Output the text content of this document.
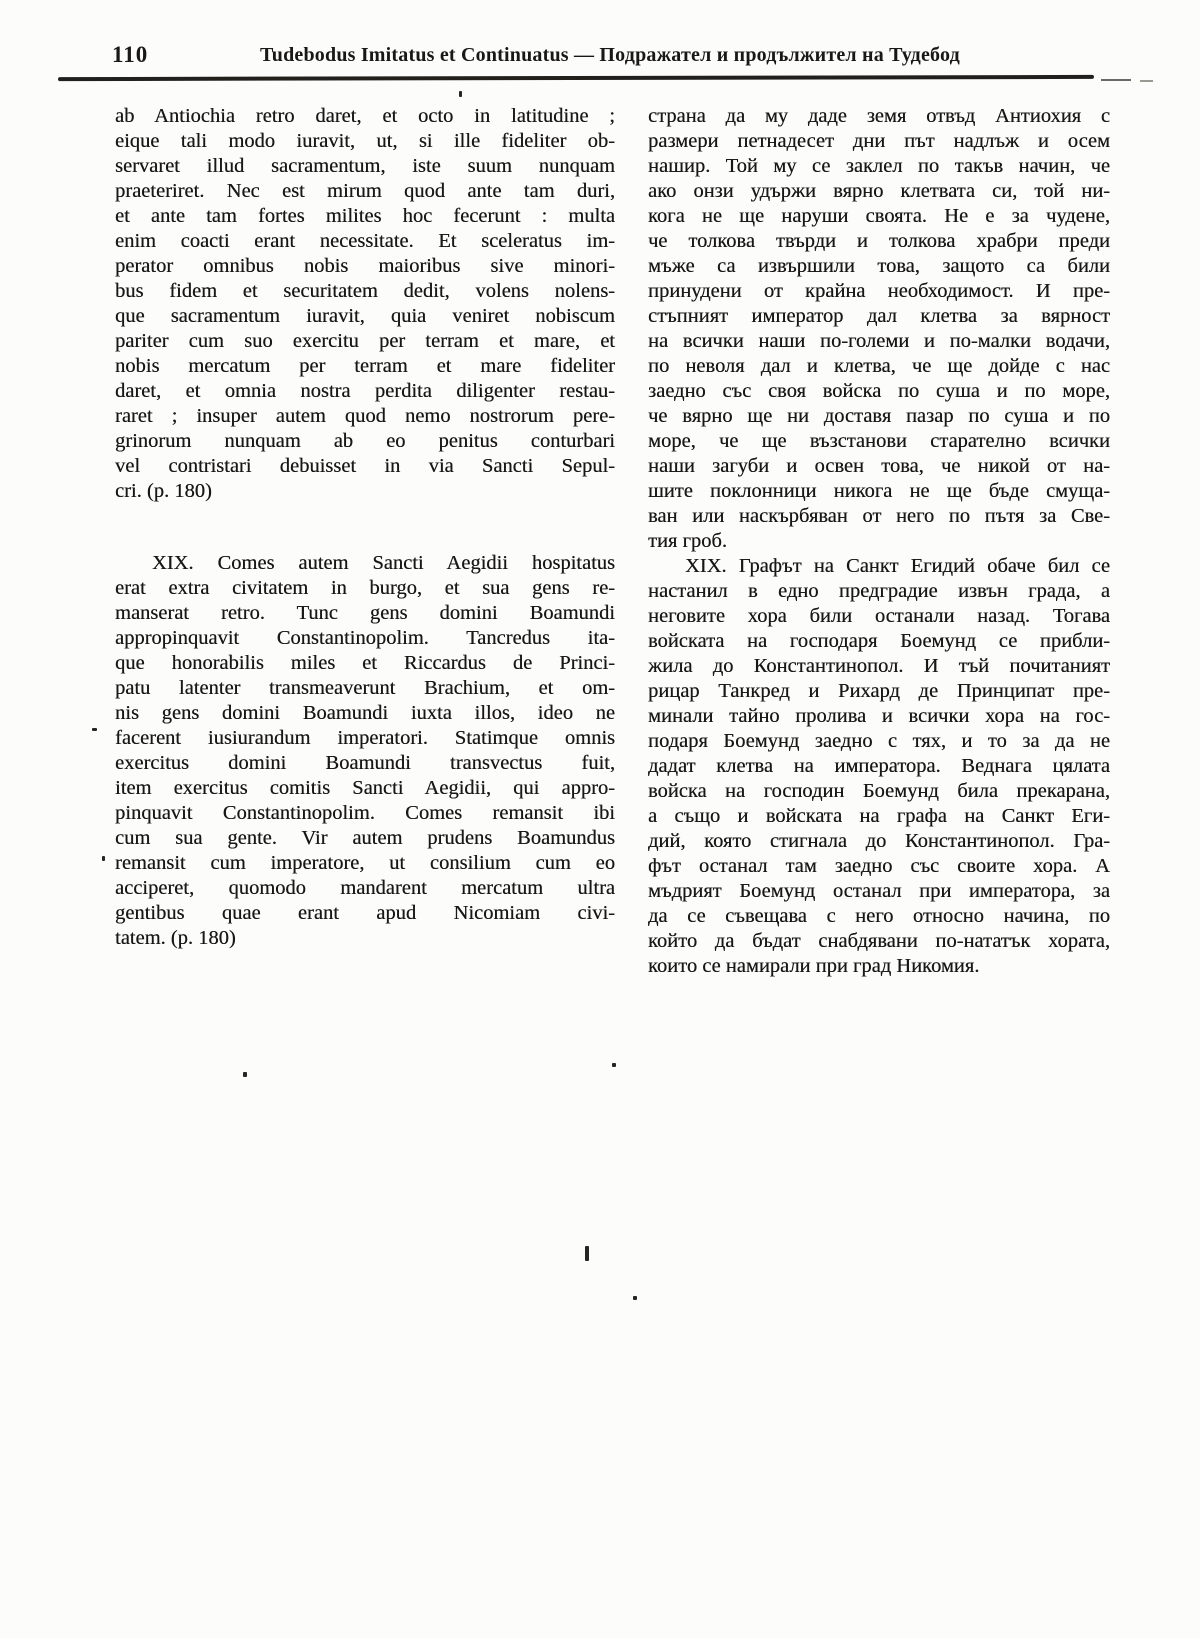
110	Tudebodus Imitatus et Continuatus — Подражател и продължител на Тудебод
ab Antiochia retro daret, et octo in latitudine ;
eique tali modo iuravit, ut, si ille fideliter ob-
servaret illud sacramentum, iste suum nunquam
praeteriret. Nec est mirum quod ante tam duri,
et ante tam fortes milites hoc fecerunt : multa
enim coacti erant necessitate. Et sceleratus im-
perator omnibus nobis maioribus sive minori-
bus fidem et securitatem dedit, volens nolens-
que sacramentum iuravit, quia veniret nobiscum
pariter cum suo exercitu per terram et mare, et
nobis mercatum per terram et mare fideliter
daret, et omnia nostra perdita diligenter restau-
raret ; insuper autem quod nemo nostrorum pere-
grinorum nunquam ab eo penitus conturbari
vel contristari debuisset in via Sancti Sepul-
cri. (p. 180)
XIX. Comes autem Sancti Aegidii hospitatus
erat extra civitatem in burgo, et sua gens re-
manserat retro. Tunc gens domini Boamundi
appropinquavit Constantinopolim. Tancredus ita-
que honorabilis miles et Riccardus de Princi-
patu latenter transmeaverunt Brachium, et om-
nis gens domini Boamundi iuxta illos, ideo ne
facerent iusiurandum imperatori. Statimque omnis
exercitus domini Boamundi transvectus fuit,
item exercitus comitis Sancti Aegidii, qui appro-
pinquavit Constantinopolim. Comes remansit ibi
cum sua gente. Vir autem prudens Boamundus
remansit cum imperatore, ut consilium cum eo
acciperet, quomodo mandarent mercatum ultra
gentibus quae erant apud Nicomiam civi-
tatem. (p. 180)
страна да му даде земя отвъд Антиохия с
размери петнадесет дни път надлъж и осем
нашир. Той му се заклел по такъв начин, че
ако онзи удържи вярно клетвата си, той ни-
кога не ще наруши своята. Не е за чудене,
че толкова твърди и толкова храбри преди
мъже са извършили това, защото са били
принудени от крайна необходимост. И пре-
стъпният император дал клетва за вярност
на всички наши по-големи и по-малки водачи,
по неволя дал и клетва, че ще дойде с нас
заедно със своя войска по суша и по море,
че вярно ще ни доставя пазар по суша и по
море, че ще възстанови старателно всички
наши загуби и освен това, че никой от на-
шите поклонници никога не ще бъде смуща-
ван или наскърбяван от него по пътя за Све-
тия гроб.
XIX. Графът на Санкт Егидий обаче бил се
настанил в едно предградие извън града, а
неговите хора били останали назад. Тогава
войската на господаря Боемунд се прибли-
жила до Константинопол. И тъй почитаният
рицар Танкред и Рихард де Принципат пре-
минали тайно пролива и всички хора на гос-
подаря Боемунд заедно с тях, и то за да не
дадат клетва на императора. Веднага цялата
войска на господин Боемунд била прекарана,
а също и войската на графа на Санкт Еги-
дий, която стигнала до Константинопол. Гра-
фът останал там заедно със своите хора. А
мъдрият Боемунд останал при императора, за
да се съвещава с него относно начина, по
който да бъдат снабдявани по-нататък хората,
които се намирали при град Никомия.
